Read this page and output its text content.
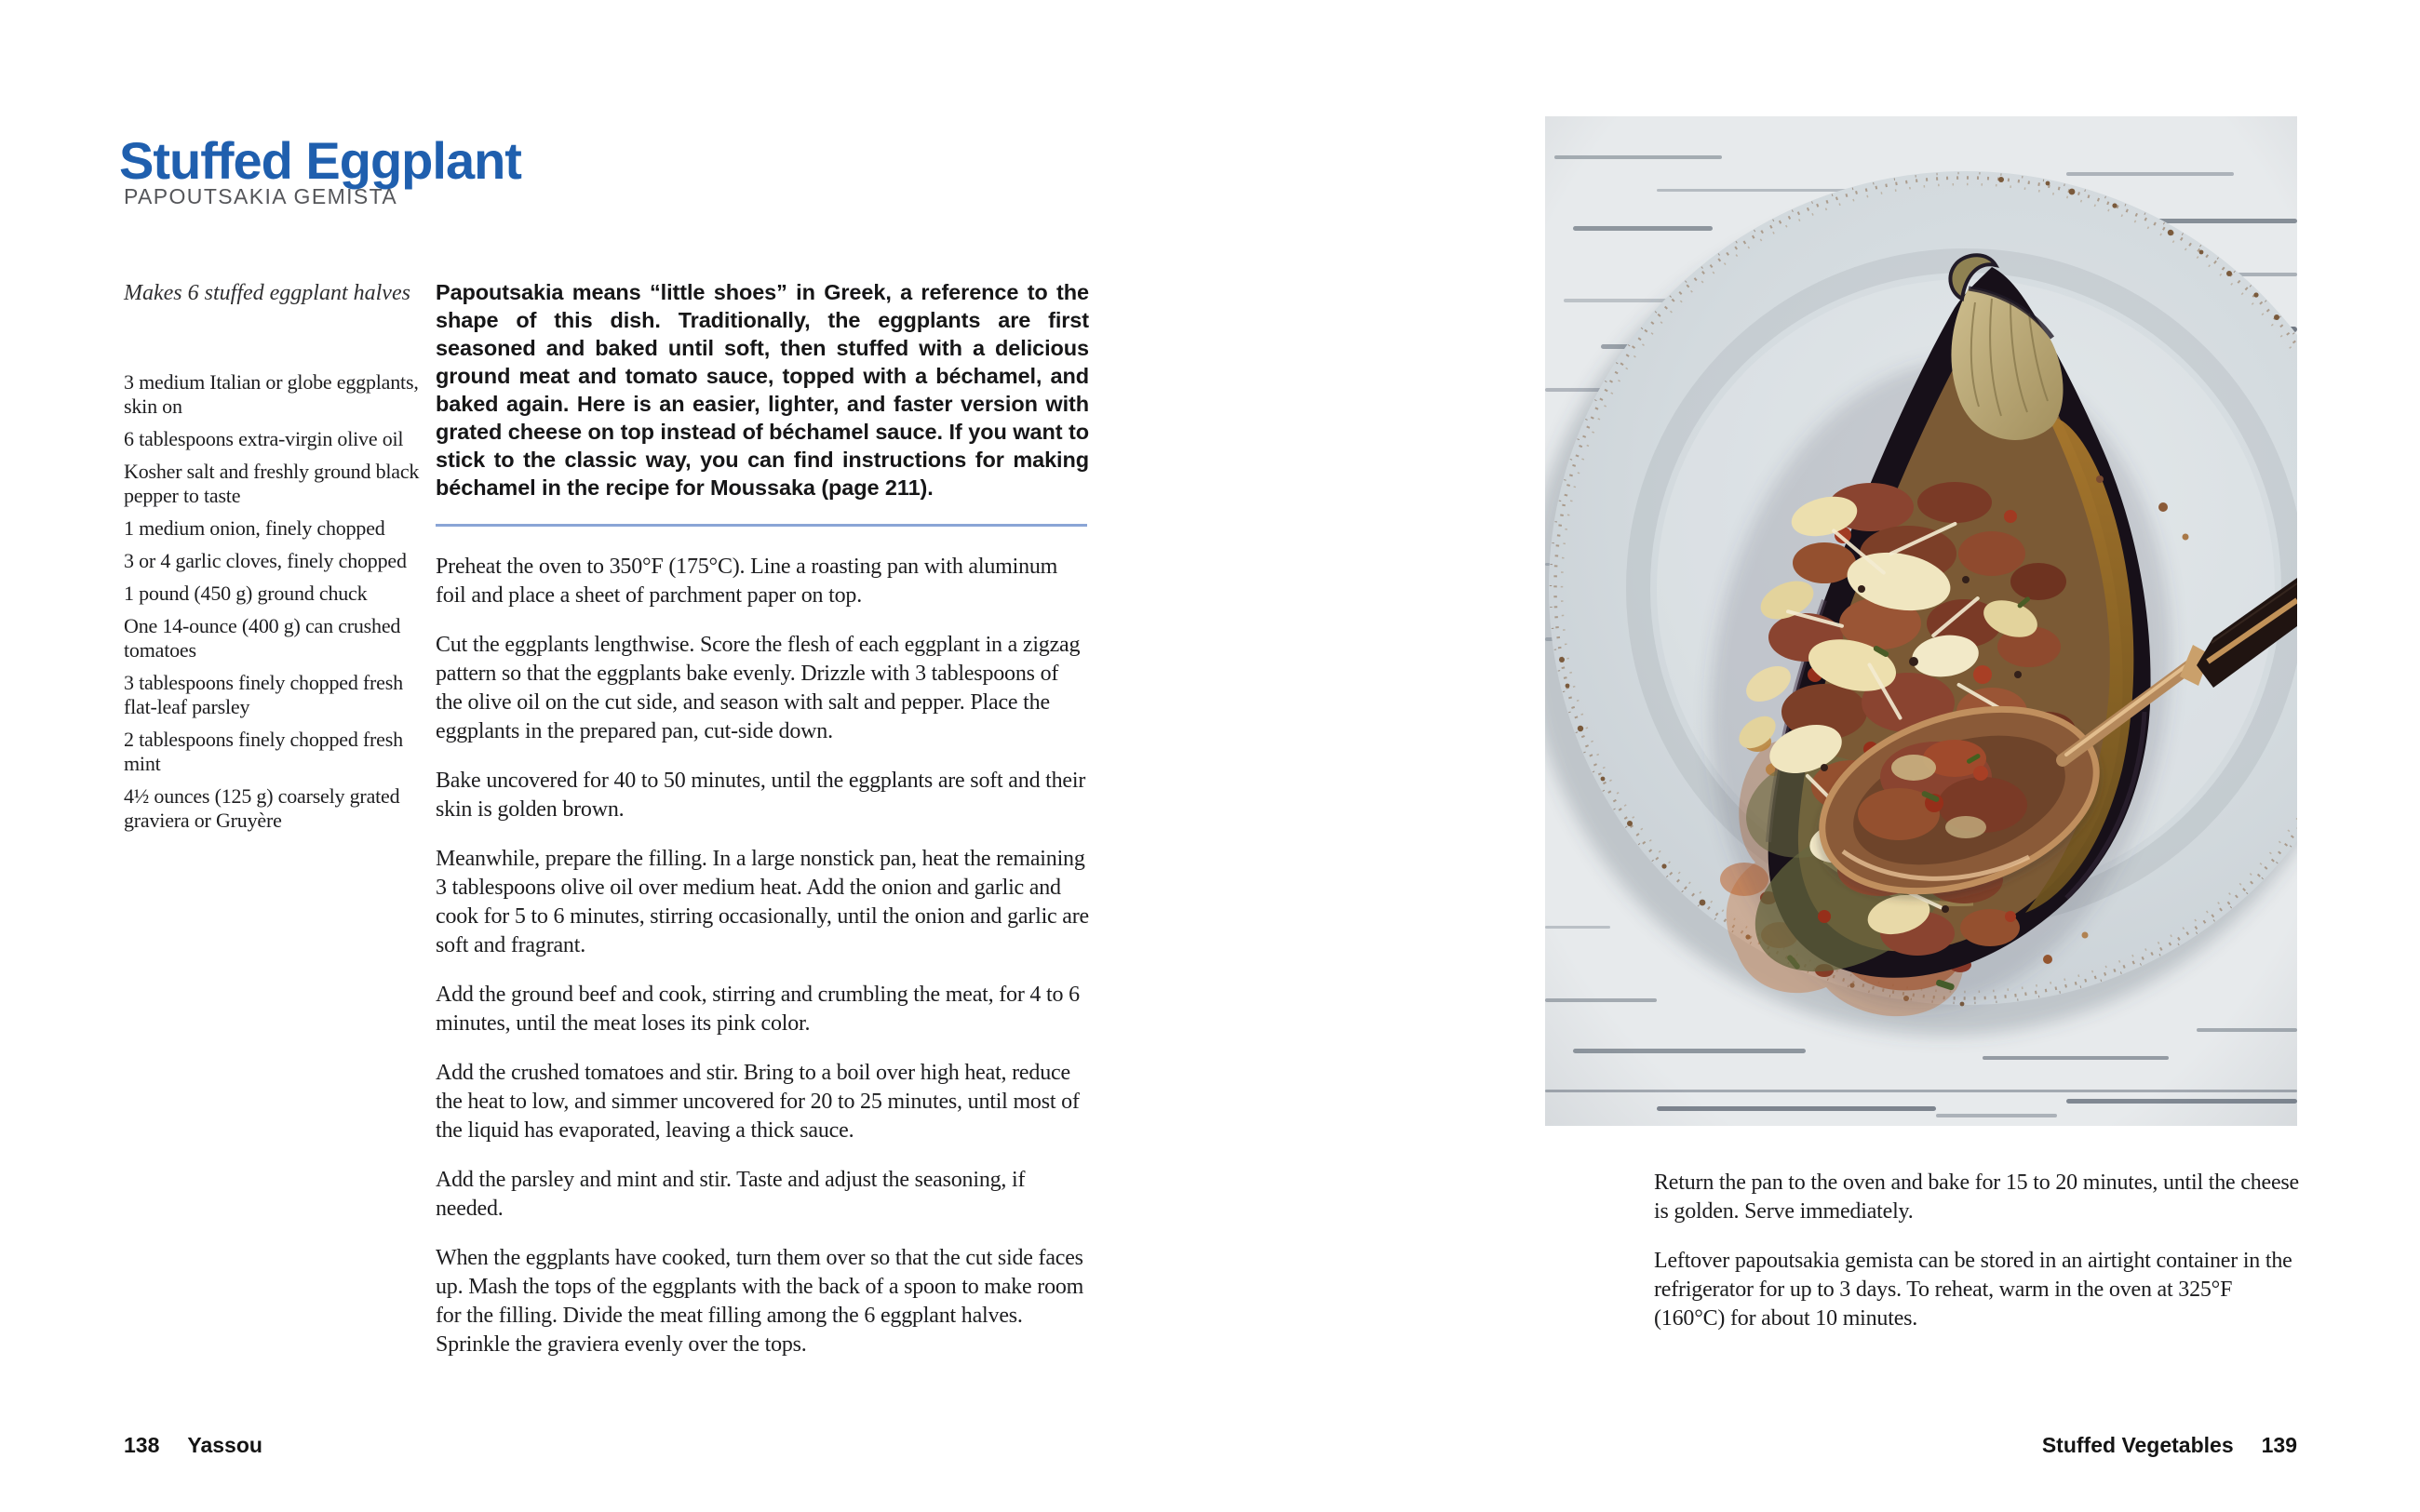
Stuffed Eggplant
PAPOUTSAKIA GEMISTA
Makes 6 stuffed eggplant halves

3 medium Italian or globe eggplants, skin on

6 tablespoons extra-virgin olive oil

Kosher salt and freshly ground black pepper to taste

1 medium onion, finely chopped

3 or 4 garlic cloves, finely chopped

1 pound (450 g) ground chuck

One 14-ounce (400 g) can crushed tomatoes

3 tablespoons finely chopped fresh flat-leaf parsley

2 tablespoons finely chopped fresh mint

4½ ounces (125 g) coarsely grated graviera or Gruyère

Papoutsakia means “little shoes” in Greek, a reference to the shape of this dish. Traditionally, the eggplants are first seasoned and baked until soft, then stuffed with a delicious ground meat and tomato sauce, topped with a béchamel, and baked again. Here is an easier, lighter, and faster version with grated cheese on top instead of béchamel sauce. If you want to stick to the classic way, you can find instructions for making béchamel in the recipe for Moussaka (page 211).

Preheat the oven to 350°F (175°C). Line a roasting pan with aluminum foil and place a sheet of parchment paper on top.

Cut the eggplants lengthwise. Score the flesh of each eggplant in a zigzag pattern so that the eggplants bake evenly. Drizzle with 3 tablespoons of the olive oil on the cut side, and season with salt and pepper. Place the eggplants in the prepared pan, cut-side down.

Bake uncovered for 40 to 50 minutes, until the eggplants are soft and their skin is golden brown.

Meanwhile, prepare the filling. In a large nonstick pan, heat the remaining 3 tablespoons olive oil over medium heat. Add the onion and garlic and cook for 5 to 6 minutes, stirring occasionally, until the onion and garlic are soft and fragrant.

Add the ground beef and cook, stirring and crumbling the meat, for 4 to 6 minutes, until the meat loses its pink color.

Add the crushed tomatoes and stir. Bring to a boil over high heat, reduce the heat to low, and simmer uncovered for 20 to 25 minutes, until most of the liquid has evaporated, leaving a thick sauce.

Add the parsley and mint and stir. Taste and adjust the seasoning, if needed.

When the eggplants have cooked, turn them over so that the cut side faces up. Mash the tops of the eggplants with the back of a spoon to make room for the filling. Divide the meat filling among the 6 eggplant halves. Sprinkle the graviera evenly over the tops.

Return the pan to the oven and bake for 15 to 20 minutes, until the cheese is golden. Serve immediately.

Leftover papoutsakia gemista can be stored in an airtight container in the refrigerator for up to 3 days. To reheat, warm in the oven at 325°F (160°C) for about 10 minutes.

138 Yassou	Stuffed Vegetables 139
